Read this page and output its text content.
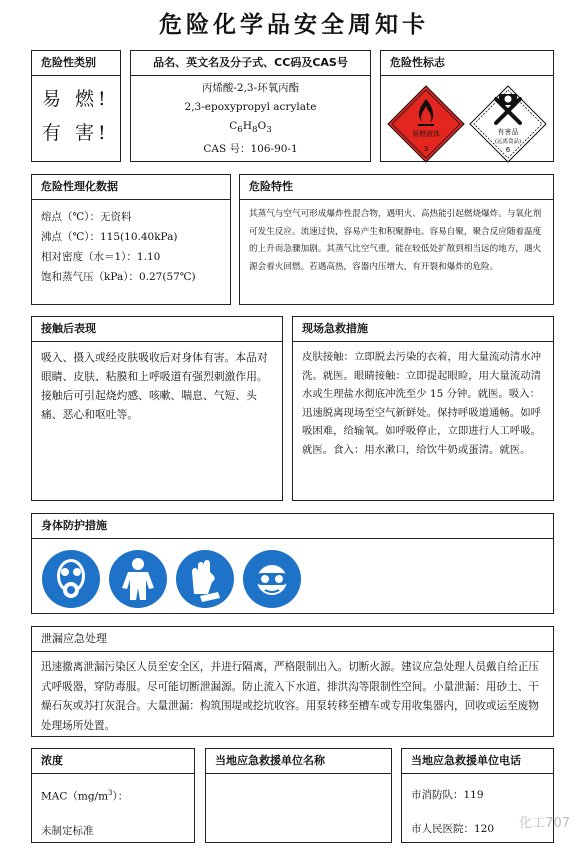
危险化学品安全周知卡
危险性类别
易 燃!
有 害!
品名、英文名及分子式、CC码及CAS号
丙烯酸-2,3-环氧丙酯
2,3-epoxypropyl acrylate
$C_6H_8O_3$
CAS 号：106-90-1
危险性标志
易燃液体
3
有害品
(远离食品)
6
危险性理化数据
熔点（℃）：无资料
沸点（℃）：115(10.40kPa)
相对密度（水＝1）：1.10
饱和蒸气压（kPa）：0.27(57℃)
危险特性
其蒸气与空气可形成爆炸性混合物，遇明火、高热能引起燃烧爆炸。与氧化剂可发生反应。流速过快，容易产生和积聚静电。容易自聚，聚合反应随着温度的上升而急骤加剧。其蒸气比空气重，能在较低处扩散到相当远的地方，遇火源会着火回燃。若遇高热，容器内压增大，有开裂和爆炸的危险。
接触后表现
吸入、摄入或经皮肤吸收后对身体有害。本品对眼睛、皮肤、粘膜和上呼吸道有强烈刺激作用。接触后可引起烧灼感、咳嗽、喘息、气短、头痛、恶心和呕吐等。
现场急救措施
皮肤接触：立即脱去污染的衣着，用大量流动清水冲洗。就医。眼睛接触：立即提起眼睑，用大量流动清水或生理盐水彻底冲洗至少 15 分钟。就医。吸入：迅速脱离现场至空气新鲜处。保持呼吸道通畅。如呼吸困难，给输氧。如呼吸停止，立即进行人工呼吸。就医。食入：用水漱口，给饮牛奶或蛋清。就医。
身体防护措施
泄漏应急处理
迅速撤离泄漏污染区人员至安全区，并进行隔离，严格限制出入。切断火源。建议应急处理人员戴自给正压式呼吸器，穿防毒服。尽可能切断泄漏源。防止流入下水道、排洪沟等限制性空间。小量泄漏：用砂土、干燥石灰或苏打灰混合。大量泄漏：构筑围堤或挖坑收容。用泵转移至槽车或专用收集器内，回收或运至废物处理场所处置。
浓度
$MAC(mg/m^3)$：
未制定标准
当地应急救援单位名称	当地应急救援单位电话
市消防队：119
市人民医院：120	化工707
